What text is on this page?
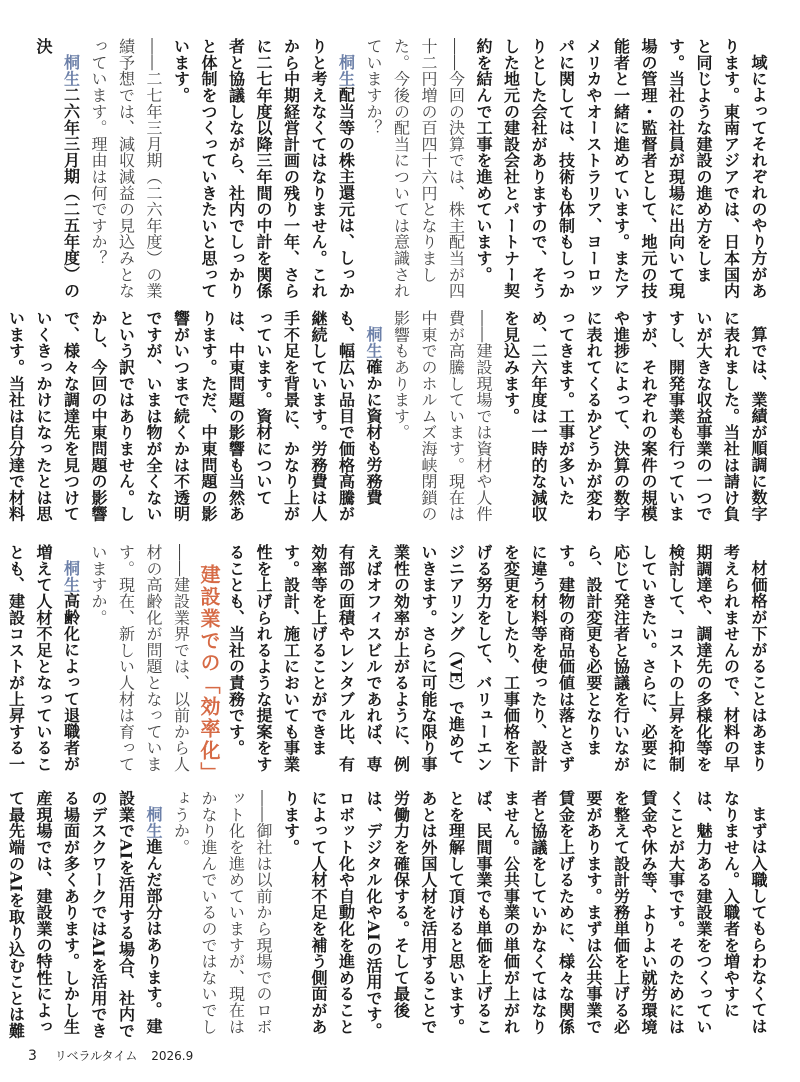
域によってそれぞれのやり方があります。東南アジアでは、日本国内と同じような建設の進め方をします。当社の社員が現場に出向いて現場の管理・監督者として、地元の技能者と一緒に進めています。またアメリカやオーストラリア、ヨーロッパに関しては、技術も体制もしっかりとした会社がありますので、そうした地元の建設会社とパートナー契約を結んで工事を進めています。

――今回の決算では、株主配当が四十二円増の百四十六円となりました。今後の配当については意識されていますか？

桐生配当等の株主還元は、しっかりと考えなくてはなりません。これから中期経営計画の残り一年、さらに二七年度以降三年間の中計を関係者と協議しながら、社内でしっかりと体制をつくっていきたいと思っています。

――二七年三月期（二六年度）の業績予想では、減収減益の見込みとなっています。理由は何ですか？

桐生二六年三月期（二五年度）の決

算では、業績が順調に数字に表れました。当社は請け負いが大きな収益事業の一つですし、開発事業も行っていますが、それぞれの案件の規模や進捗によって、決算の数字に表れてくるかどうかが変わってきます。工事が多いため、二六年度は一時的な減収を見込みます。

――建設現場では資材や人件費が高騰しています。現在は中東でのホルムズ海峡閉鎖の影響もあります。

桐生確かに資材も労務費も、幅広い品目で価格高騰が継続しています。労務費は人手不足を背景に、かなり上がっています。資材については、中東問題の影響も当然あります。ただ、中東問題の影響がいつまで続くかは不透明ですが、いまは物が全くないという訳ではありません。しかし、今回の中東問題の影響で、様々な調達先を見つけていくきっかけになったとは思います。当社は自分達で材料

材価格が下がることはあまり考えられませんので、材料の早期調達や、調達先の多様化等を検討して、コストの上昇を抑制していきたい。さらに、必要に応じて発注者と協議を行いながら、設計変更も必要となります。建物の商品価値は落とさずに違う材料等を使ったり、設計を変更をしたり、工事価格を下げる努力をして、バリューエンジニアリング（VE）で進めていきます。さらに可能な限り事業性の効率が上がるように、例えばオフィスビルであれば、専有部の面積やレンタブル比、有効率等を上げることができます。設計、施工においても事業性を上げられるような提案をすることも、当社の責務です。

建設業での「効率化」

――建設業界では、以前から人材の高齢化が問題となっています。現在、新しい人材は育っていますか。

桐生高齢化によって退職者が増えて人材不足となっていることも、建設コストが上昇する一

まずは入職してもらわなくてはなりません。入職者を増やすには、魅力ある建設業をつくっていくことが大事です。そのためには賃金や休み等、よりよい就労環境を整えて設計労務単価を上げる必要があります。まずは公共事業で賃金を上げるために、様々な関係者と協議をしていかなくてはなりません。公共事業の単価が上がれば、民間事業でも単価を上げることを理解して頂けると思います。あとは外国人材を活用することで労働力を確保する。そして最後は、デジタル化やAIの活用です。ロボット化や自動化を進めることによって人材不足を補う側面があります。

――御社は以前から現場でのロボット化を進めていますが、現在はかなり進んでいるのではないでしょうか。

桐生進んだ部分はあります。建設業でAIを活用する場合、社内でのデスクワークではAIを活用できる場面が多くあります。しかし生産現場では、建設業の特性によって最先端のAIを取り込むことは難

3 リベラルタイム 2026.9
